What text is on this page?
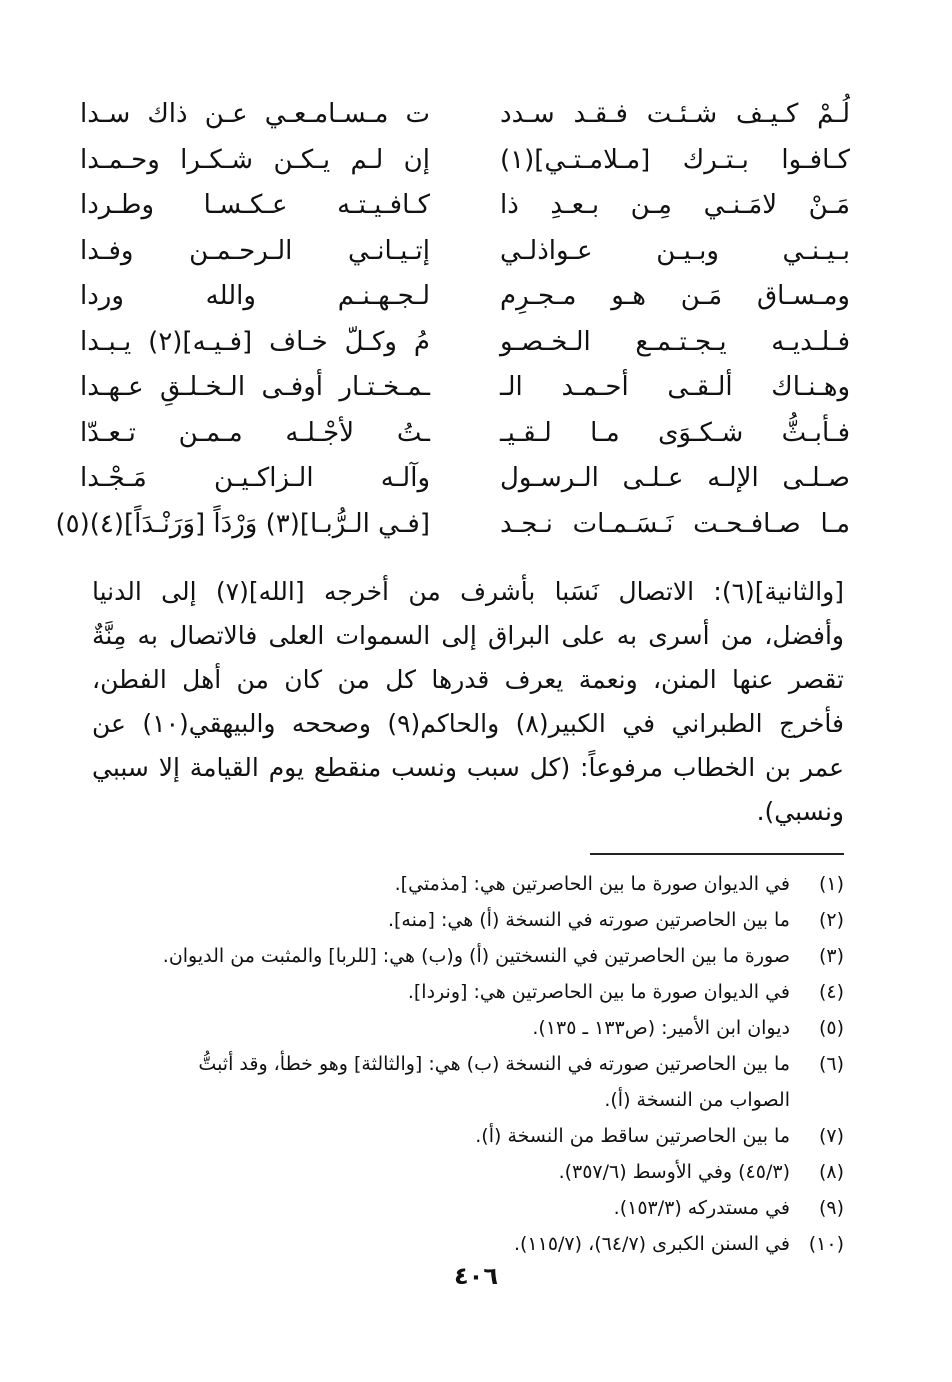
لُـمْ كـيـف شـئـت فـقـد سـدد
ت مـسـامـعـي عـن ذاك سـدا
كـافـوا بـتـرك [مـلامـتـي](١)
إن لـم يـكـن شـكـرا وحـمـدا
مَـنْ لامَـنـي مِـن بـعـدِ ذا
كـافـيـتـه عـكـسـا وطـردا
بـيـنـي وبـيـن عـواذلـي
إتـيـانـي الـرحـمـن وفـدا
ومـسـاق مَـن هـو مـجـرِم
لـجـهـنـم والله وردا
فـلـديـه يـجـتـمـع الـخـصـو
مُ وكـلّ خـاف [فـيـه](٢) يـبـدا
وهـنـاك ألـقـى أحـمـد الـ
ـمـخـتـار أوفـى الـخـلـقِ عـهـدا
فـأبـثُّ شـكـوَى مـا لـقـيـ
ـتُ لأجْـلـه مـمـن تـعـدّا
صـلـى الإلـه عـلـى الـرسـول
وآلـه الـزاكـيـن مَـجْـدا
مـا صـافـحـت نَـسَـمـات نـجـد
[فـي الـرُّبـا](٣) وَرْدَاً [وَرَنْـدَاً](٤)(٥)
[والثانية](٦): الاتصال نَسَبا بأشرف من أخرجه [الله](٧) إلى الدنيا
وأفضل، من أسرى به على البراق إلى السموات العلى فالاتصال به مِنَّةٌ
تقصر عنها المنن، ونعمة يعرف قدرها كل من كان من أهل الفطن،
فأخرج الطبراني في الكبير(٨) والحاكم(٩) وصححه والبيهقي(١٠) عن
عمر بن الخطاب مرفوعاً: (كل سبب ونسب منقطع يوم القيامة إلا سببي
ونسبي).
(١)
في الديوان صورة ما بين الحاصرتين هي: [مذمتي].
(٢)
ما بين الحاصرتين صورته في النسخة (أ) هي: [منه].
(٣)
صورة ما بين الحاصرتين في النسختين (أ) و(ب) هي: [للربا] والمثبت من الديوان.
(٤)
في الديوان صورة ما بين الحاصرتين هي: [ونردا].
(٥)
ديوان ابن الأمير: (ص١٣٣ ـ ١٣٥).
(٦)
ما بين الحاصرتين صورته في النسخة (ب) هي: [والثالثة] وهو خطأ، وقد أثبتُّ
الصواب من النسخة (أ).
(٧)
ما بين الحاصرتين ساقط من النسخة (أ).
(٨)
(٤٥/٣) وفي الأوسط (٣٥٧/٦).
(٩)
في مستدركه (١٥٣/٣).
(١٠)
في السنن الكبرى (٦٤/٧)، (١١٥/٧).
٤٠٦
